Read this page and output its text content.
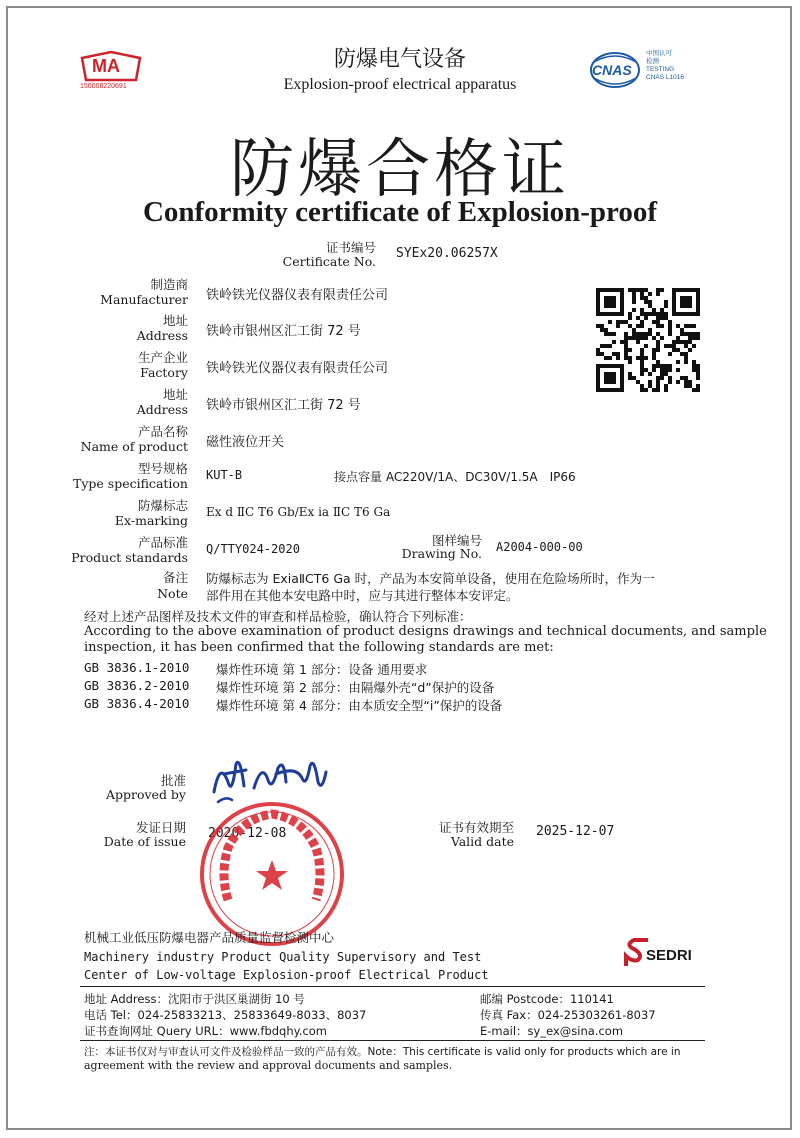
MA
150008220691
CNAS
中国认可
检测
TESTING
CNAS L1016
防爆电气设备
Explosion-proof electrical apparatus
防爆合格证
Conformity certificate of Explosion-proof
证书编号
Certificate No.
SYEx20.06257X
制造商
Manufacturer 铁岭铁光仪器仪表有限责任公司
地址
Address 铁岭市银州区汇工街 72 号
生产企业
Factory 铁岭铁光仪器仪表有限责任公司
地址
Address 铁岭市银州区汇工街 72 号
产品名称
Name of product 磁性液位开关
型号规格
Type specification
KUT-B	接点容量 AC220V/1A、DC30V/1.5A　IP66
防爆标志
Ex-marking
Ex d ⅡC T6 Gb/Ex ia ⅡC T6 Ga
产品标准
Product standards
Q/TTY024-2020
图样编号
Drawing No. A2004-000-00
备注
Note
防爆标志为 ExiaⅡCT6 Ga 时，产品为本安简单设备，使用在危险场所时，作为一
部件用在其他本安电路中时，应与其进行整体本安评定。
经对上述产品图样及技术文件的审查和样品检验，确认符合下列标准：
According to the above examination of product designs drawings and technical documents, and sample
inspection, it has been confirmed that the following standards are met:
GB 3836.1-2010 爆炸性环境 第 1 部分：设备 通用要求
GB 3836.2-2010 爆炸性环境 第 2 部分：由隔爆外壳“d”保护的设备
GB 3836.4-2010 爆炸性环境 第 4 部分：由本质安全型“i”保护的设备
批准
Approved by
发证日期
Date of issue
2020-12-08	证书有效期至
Valid date
2025-12-07
机械工业低压防爆电器产品质量监督检测中心
Machinery industry Product Quality Supervisory and Test
Center of Low-voltage Explosion-proof Electrical Product
SEDRI
地址 Address：沈阳市于洪区巢湖街 10 号
电话 Tel：024-25833213、25833649-8033、8037
证书查询网址 Query URL：www.fbdqhy.com
邮编 Postcode：110141
传真 Fax：024-25303261-8037
E-mail：sy_ex@sina.com
注：本证书仅对与审查认可文件及检验样品一致的产品有效。Note：This certificate is valid only for products which are in
agreement with the review and approval documents and samples.
